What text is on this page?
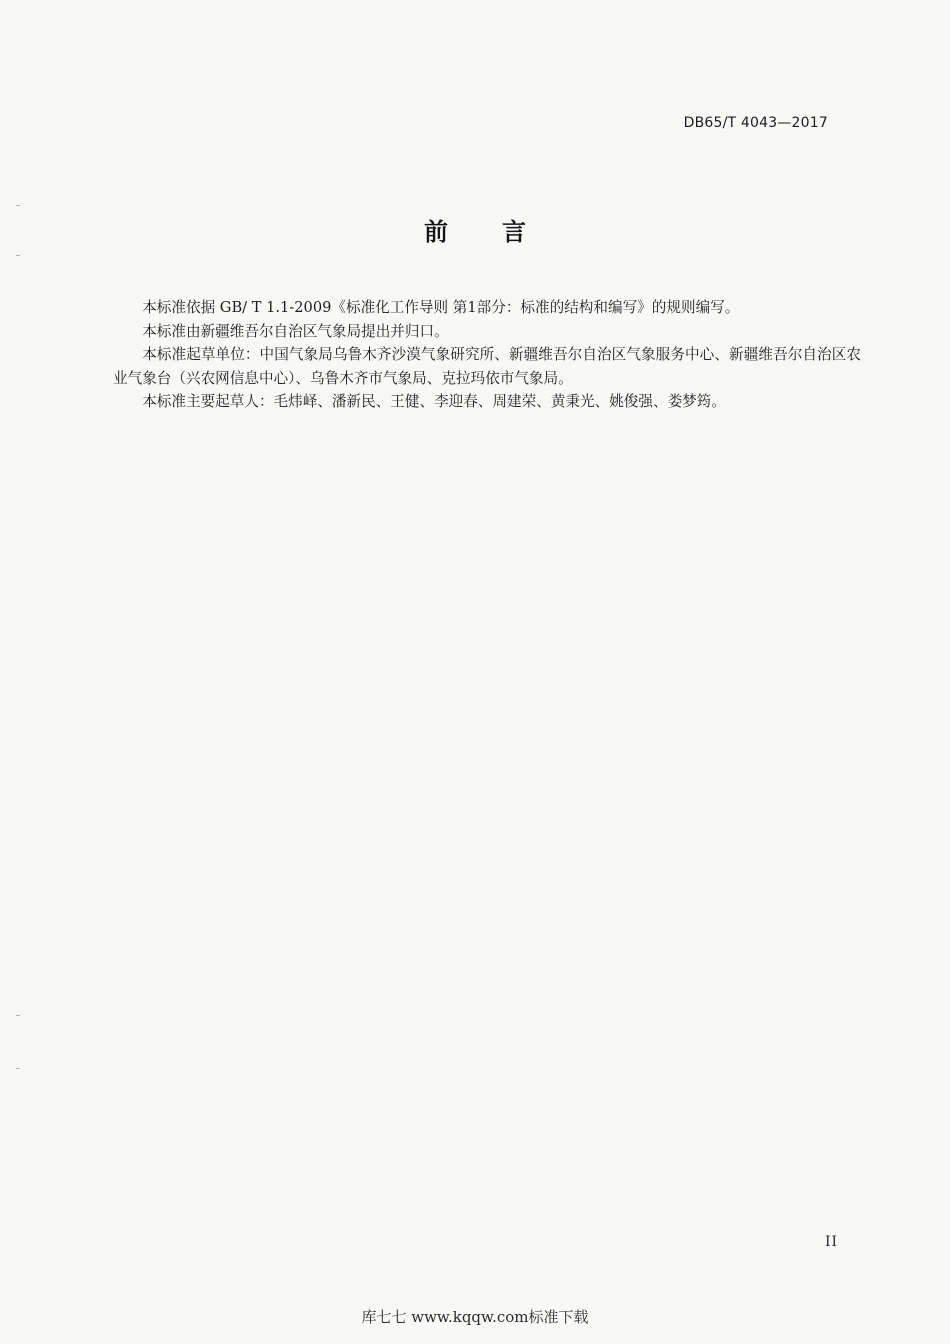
DB65/T 4043—2017
前言

本标准依据 GB/ T 1.1-2009《标准化工作导则 第1部分：标准的结构和编写》的规则编写。

本标准由新疆维吾尔自治区气象局提出并归口。

本标准起草单位：中国气象局乌鲁木齐沙漠气象研究所、新疆维吾尔自治区气象服务中心、新疆维吾尔自治区农业气象台（兴农网信息中心）、乌鲁木齐市气象局、克拉玛依市气象局。

本标准主要起草人：毛炜峄、潘新民、王健、李迎春、周建荣、黄秉光、姚俊强、娄梦筠。

II
库七七 www.kqqw.com标准下载
